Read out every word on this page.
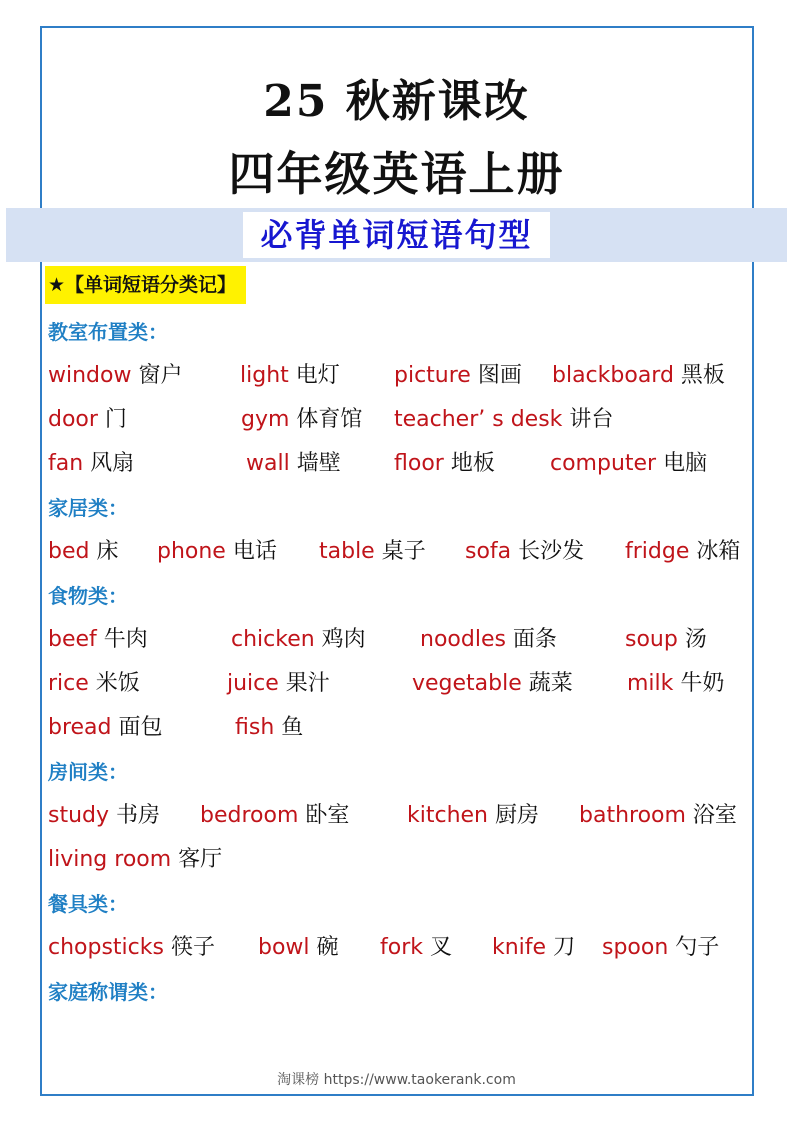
25 秋新课改
四年级英语上册
必背单词短语句型
★【单词短语分类记】
教室布置类：
window 窗户	light 电灯 picture 图画 blackboard 黑板
door 门	gym 体育馆 teacher’ s desk 讲台
fan 风扇	wall 墙壁 floor 地板	computer 电脑
家居类：
bed 床 phone 电话 table 桌子 sofa 长沙发 fridge 冰箱
食物类：
beef 牛肉	chicken 鸡肉 noodles 面条	soup 汤
rice 米饭	juice 果汁	vegetable 蔬菜 milk 牛奶
bread 面包	fish 鱼
房间类：
study 书房 bedroom 卧室	kitchen 厨房 bathroom 浴室
living room 客厅
餐具类：
chopsticks 筷子 bowl 碗 fork 叉 knife 刀 spoon 勺子
家庭称谓类：
淘课榜 https://www.taokerank.com
